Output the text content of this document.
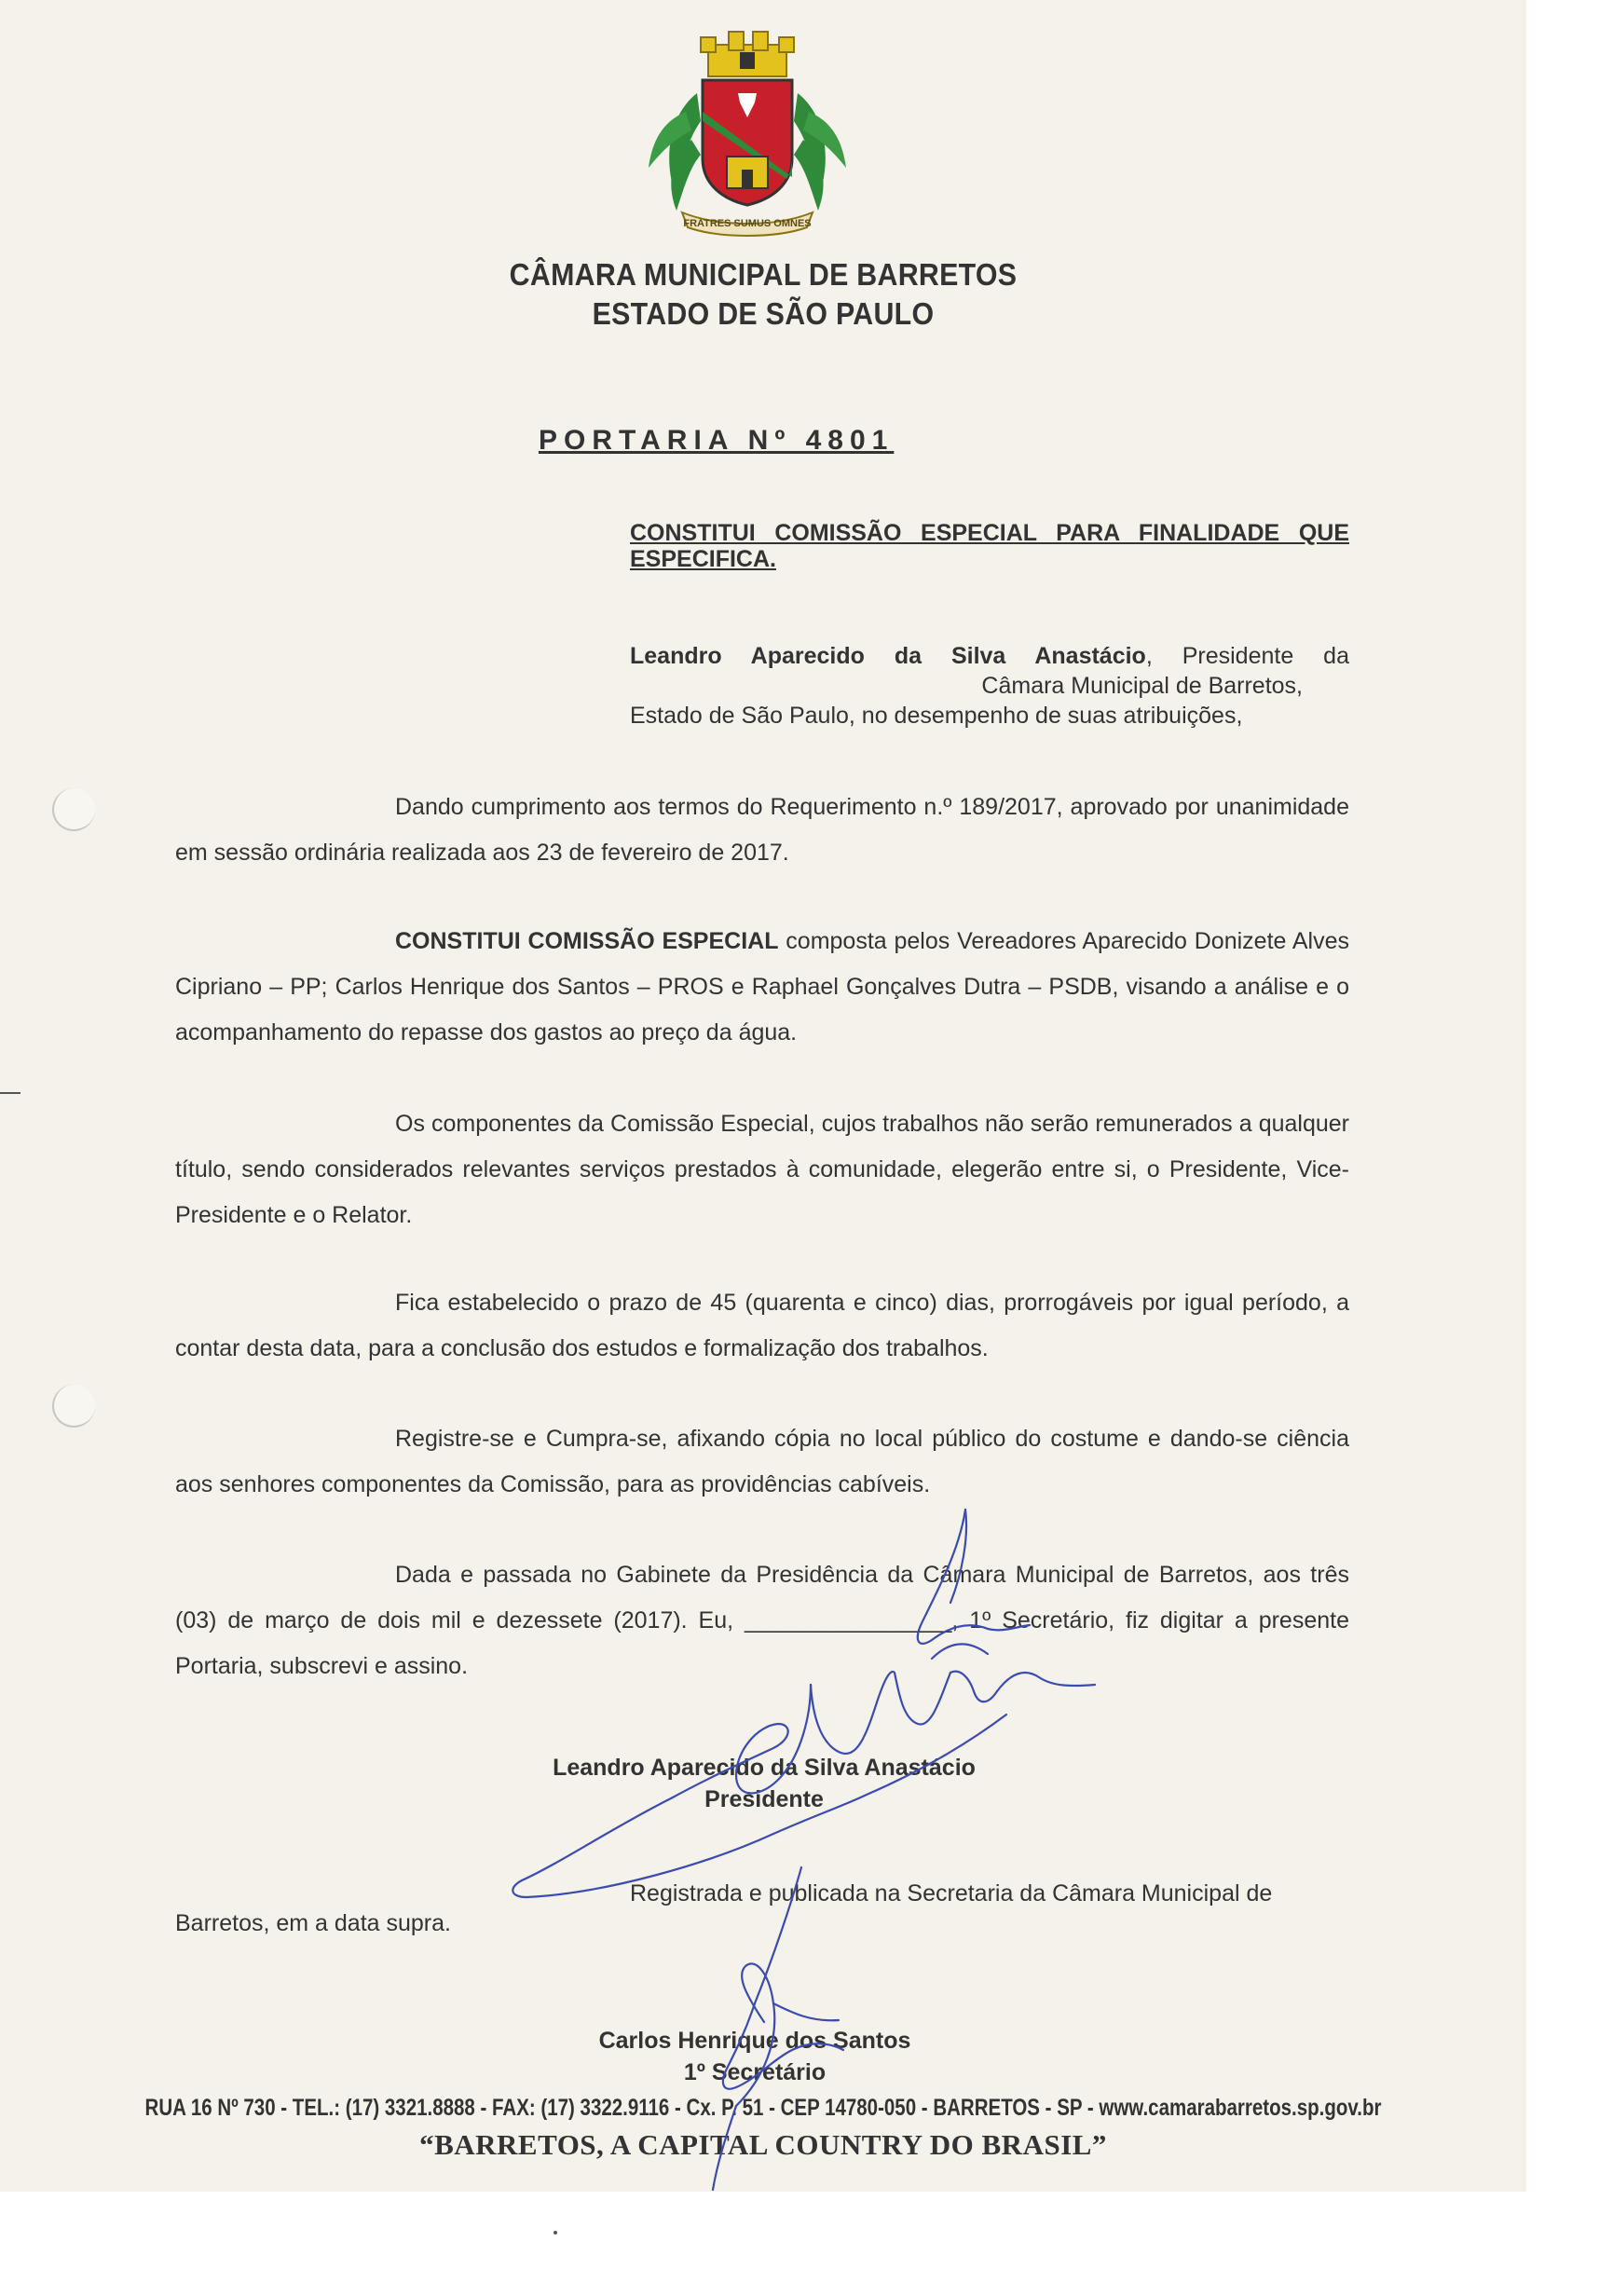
FRATRES SUMUS OMNES
CÂMARA MUNICIPAL DE BARRETOS
ESTADO DE SÃO PAULO
PORTARIA Nº 4801
CONSTITUI COMISSÃO ESPECIAL PARA FINALIDADE QUE ESPECIFICA.
Leandro Aparecido da Silva Anastácio, Presidente da
Câmara Municipal de Barretos,
Estado de São Paulo, no desempenho de suas atribuições,
Dando cumprimento aos termos do Requerimento n.º 189/2017, aprovado por unanimidade em sessão ordinária realizada aos 23 de fevereiro de 2017.
CONSTITUI COMISSÃO ESPECIAL composta pelos Vereadores Aparecido Donizete Alves Cipriano – PP; Carlos Henrique dos Santos – PROS e Raphael Gonçalves Dutra – PSDB, visando a análise e o acompanhamento do repasse dos gastos ao preço da água.
Os componentes da Comissão Especial, cujos trabalhos não serão remunerados a qualquer título, sendo considerados relevantes serviços prestados à comunidade, elegerão entre si, o Presidente, Vice-Presidente e o Relator.
Fica estabelecido o prazo de 45 (quarenta e cinco) dias, prorrogáveis por igual período, a contar desta data, para a conclusão dos estudos e formalização dos trabalhos.
Registre-se e Cumpra-se, afixando cópia no local público do costume e dando-se ciência aos senhores componentes da Comissão, para as providências cabíveis.
Dada e passada no Gabinete da Presidência da Câmara Municipal de Barretos, aos três (03) de março de dois mil e dezessete (2017). Eu, ________________, 1º Secretário, fiz digitar a presente Portaria, subscrevi e assino.
Leandro Aparecido da Silva Anastácio
Presidente
Registrada e publicada na Secretaria da Câmara Municipal de
Barretos, em a data supra.
Carlos Henrique dos Santos
1º Secretário
RUA 16 Nº 730 - TEL.: (17) 3321.8888 - FAX: (17) 3322.9116 - Cx. P. 51 - CEP 14780-050 - BARRETOS - SP - www.camarabarretos.sp.gov.br
“BARRETOS, A CAPITAL COUNTRY DO BRASIL”
